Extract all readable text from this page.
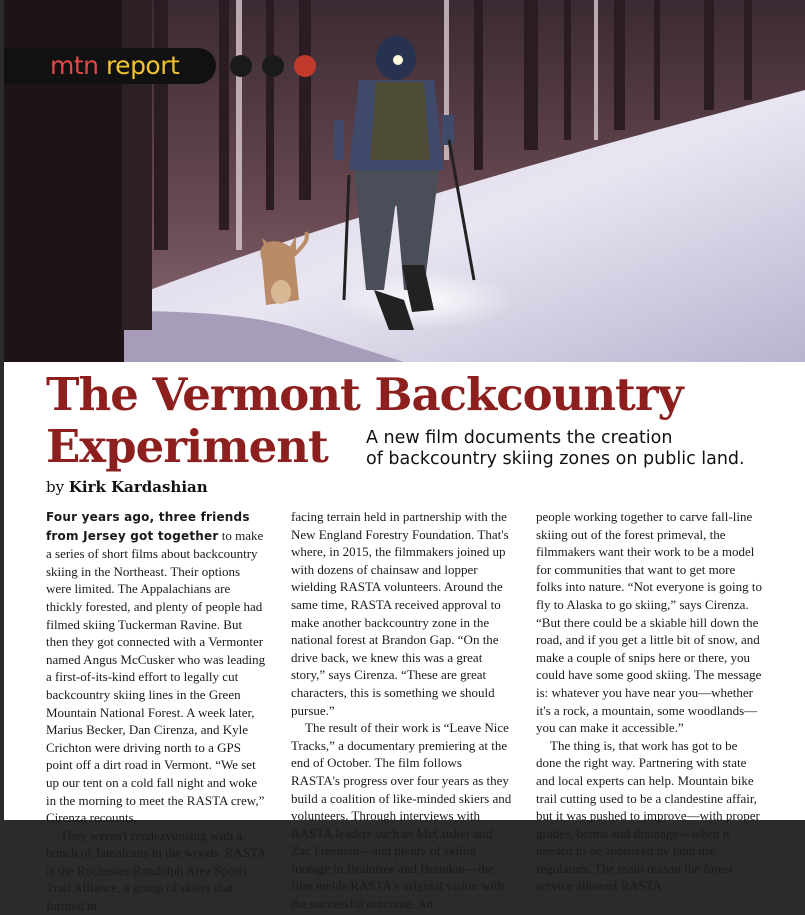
mtn report
The Vermont Backcountry
Experiment A new film documents the creation
of backcountry skiing zones on public land.
by Kirk Kardashian

Four years ago, three friends from Jersey got together to make a series of short films about backcountry skiing in the Northeast. Their options were limited. The Appalachians are thickly forested, and plenty of people had filmed skiing Tuckerman Ravine. But then they got connected with a Vermonter named Angus McCusker who was leading a first-of-its-kind effort to legally cut backcountry skiing lines in the Green Mountain National Forest. A week later, Marius Becker, Dan Cirenza, and Kyle Crichton were driving north to a GPS point off a dirt road in Vermont. “We set up our tent on a cold fall night and woke in the morning to meet the RASTA crew,” Cirenza recounts.

They weren't rendezvousing with a bunch of Jamaicans in the woods. RASTA is the Rochester/Randolph Area Sports Trail Alliance, a group of skiers that formed in

facing terrain held in partnership with the New England Forestry Foundation. That's where, in 2015, the filmmakers joined up with dozens of chainsaw and lopper wielding RASTA volunteers. Around the same time, RASTA received approval to make another backcountry zone in the national forest at Brandon Gap. “On the drive back, we knew this was a great story,” says Cirenza. “These are great characters, this is something we should pursue.”

The result of their work is “Leave Nice Tracks,” a documentary premiering at the end of October. The film follows RASTA's progress over four years as they build a coalition of like-minded skiers and volunteers. Through interviews with RASTA leaders such as McCusker and Zac Freeman—and plenty of skiing footage in Braintree and Brandon—the film melds RASTA's original vision with the successful outcome. An

people working together to carve fall-line skiing out of the forest primeval, the filmmakers want their work to be a model for communities that want to get more folks into nature. “Not everyone is going to fly to Alaska to go skiing,” says Cirenza. “But there could be a skiable hill down the road, and if you get a little bit of snow, and make a couple of snips here or there, you could have some good skiing. The message is: whatever you have near you—whether it's a rock, a mountain, some woodlands—you can make it accessible.”

The thing is, that work has got to be done the right way. Partnering with state and local experts can help. Mountain bike trail cutting used to be a clandestine affair, but it was pushed to improve—with proper grades, berms and drainage—when it needed to be approved by land use regulators. The main reason the forest service allowed RASTA
